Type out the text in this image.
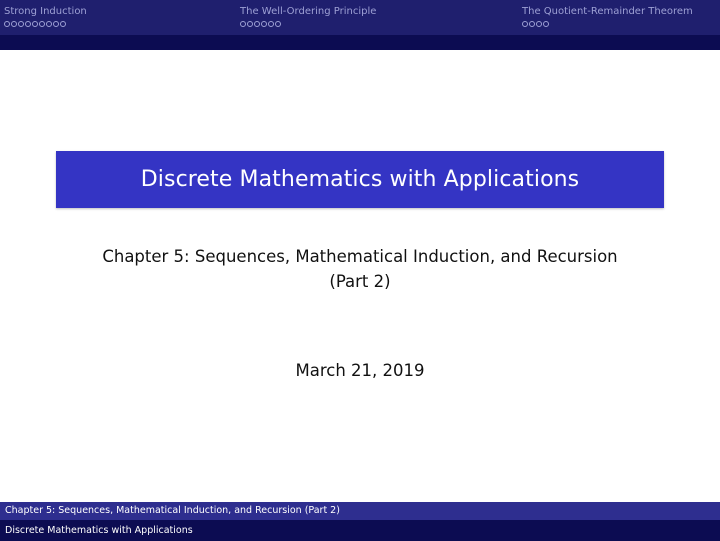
Strong Induction	The Well-Ordering Principle	The Quotient-Remainder Theorem
Discrete Mathematics with Applications
Chapter 5: Sequences, Mathematical Induction, and Recursion
(Part 2)
March 21, 2019
Chapter 5: Sequences, Mathematical Induction, and Recursion (Part 2)
Discrete Mathematics with Applications
